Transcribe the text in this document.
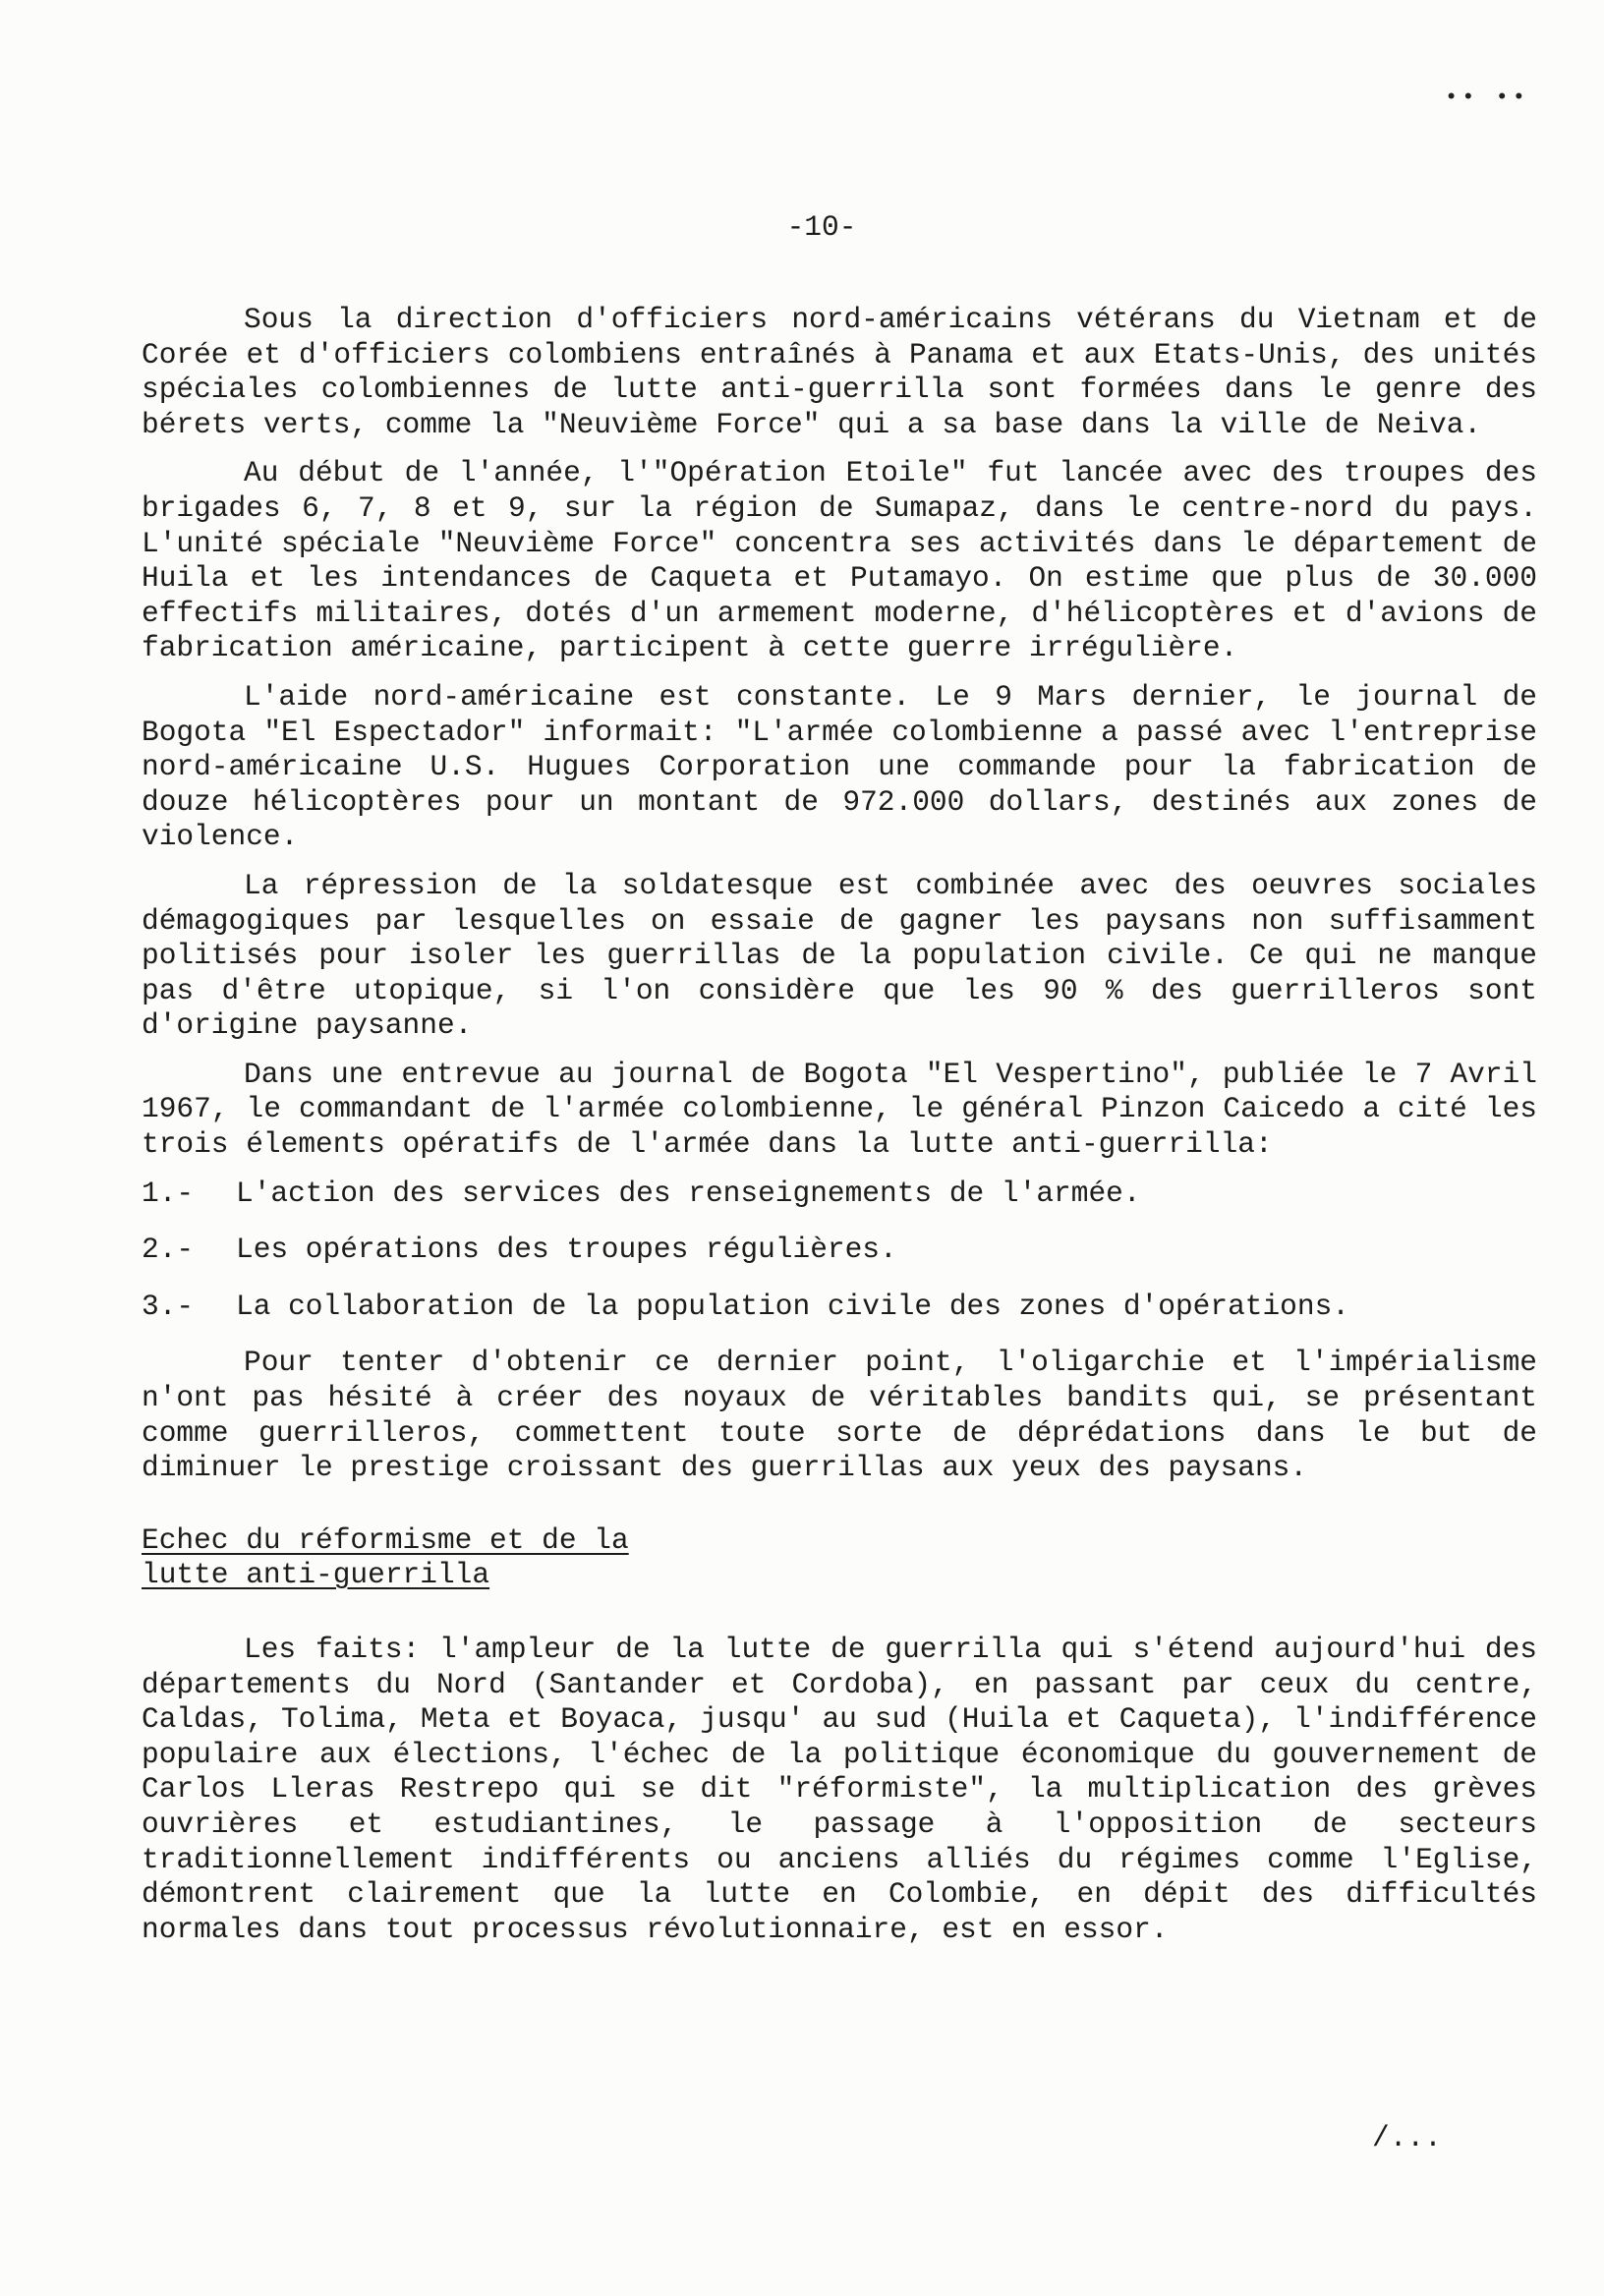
•• ••
-10-

Sous la direction d'officiers nord-américains vétérans du Vietnam et de Corée et d'officiers colombiens entraînés à Panama et aux Etats-Unis, des unités spéciales colombiennes de lutte anti-guerrilla sont formées dans le genre des bérets verts, comme la "Neuvième Force" qui a sa base dans la ville de Neiva.

Au début de l'année, l'"Opération Etoile" fut lancée avec des troupes des brigades 6, 7, 8 et 9, sur la région de Sumapaz, dans le centre-nord du pays. L'unité spéciale "Neuvième Force" concentra ses activités dans le département de Huila et les intendances de Caqueta et Putamayo. On estime que plus de 30.000 effectifs militaires, dotés d'un armement moderne, d'hélicoptères et d'avions de fabrication américaine, participent à cette guerre irrégulière.

L'aide nord-américaine est constante. Le 9 Mars dernier, le journal de Bogota "El Espectador" informait: "L'armée colombienne a passé avec l'entreprise nord-américaine U.S. Hugues Corporation une commande pour la fabrication de douze hélicoptères pour un montant de 972.000 dollars, destinés aux zones de violence.

La répression de la soldatesque est combinée avec des oeuvres sociales démagogiques par lesquelles on essaie de gagner les paysans non suffisamment politisés pour isoler les guerrillas de la population civile. Ce qui ne manque pas d'être utopique, si l'on considère que les 90 % des guerrilleros sont d'origine paysanne.

Dans une entrevue au journal de Bogota "El Vespertino", publiée le 7 Avril 1967, le commandant de l'armée colombienne, le général Pinzon Caicedo a cité les trois élements opératifs de l'armée dans la lutte anti-guerrilla:

1.-	L'action des services des renseignements de l'armée.
2.-	Les opérations des troupes régulières.
3.-	La collaboration de la population civile des zones d'opérations.

Pour tenter d'obtenir ce dernier point, l'oligarchie et l'impérialisme n'ont pas hésité à créer des noyaux de véritables bandits qui, se présentant comme guerrilleros, commettent toute sorte de déprédations dans le but de diminuer le prestige croissant des guerrillas aux yeux des paysans.

Echec du réformisme et de la
lutte anti-guerrilla

Les faits: l'ampleur de la lutte de guerrilla qui s'étend aujourd'hui des départements du Nord (Santander et Cordoba), en passant par ceux du centre, Caldas, Tolima, Meta et Boyaca, jusqu' au sud (Huila et Caqueta), l'indifférence populaire aux élections, l'échec de la politique économique du gouvernement de Carlos Lleras Restrepo qui se dit "réformiste", la multiplication des grèves ouvrières et estudiantines, le passage à l'opposition de secteurs traditionnellement indifférents ou anciens alliés du régimes comme l'Eglise, démontrent clairement que la lutte en Colombie, en dépit des difficultés normales dans tout processus révolutionnaire, est en essor.

/...
